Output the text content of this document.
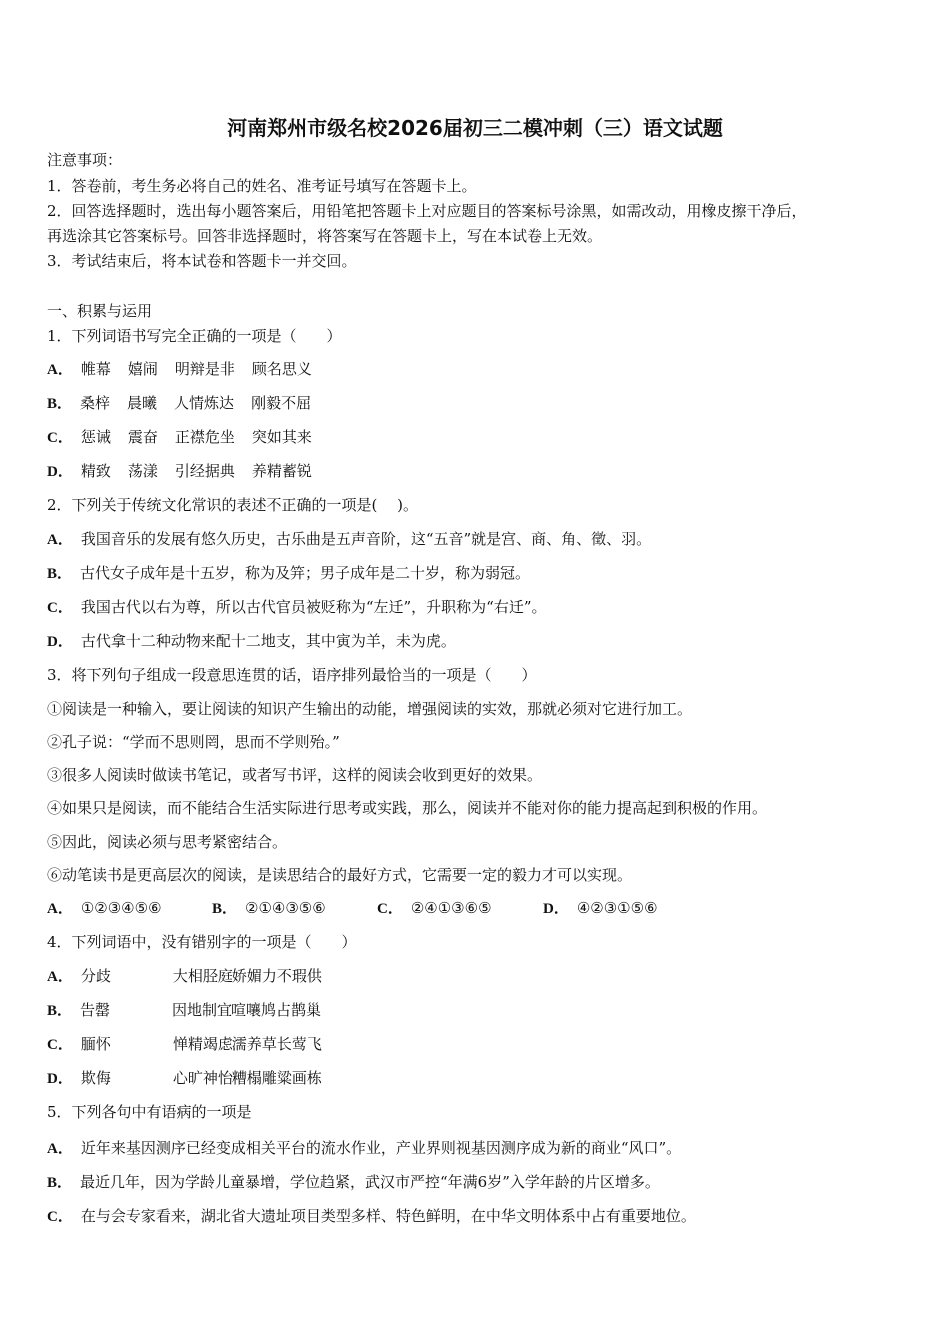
河南郑州市级名校2026届初三二模冲刺（三）语文试题
注意事项：
1．答卷前，考生务必将自己的姓名、准考证号填写在答题卡上。
2．回答选择题时，选出每小题答案后，用铅笔把答题卡上对应题目的答案标号涂黑，如需改动，用橡皮擦干净后，
再选涂其它答案标号。回答非选择题时，将答案写在答题卡上，写在本试卷上无效。
3．考试结束后，将本试卷和答题卡一并交回。
一、积累与运用
1．下列词语书写完全正确的一项是（　　）
A． 帷幕 嬉闹 明辩是非 顾名思义
B． 桑梓 晨曦 人情炼达 刚毅不屈
C． 惩诫 震奋 正襟危坐 突如其来
D． 精致 荡漾 引经据典 养精蓄锐
2．下列关于传统文化常识的表述不正确的一项是(　 )。
A． 我国音乐的发展有悠久历史，古乐曲是五声音阶，这“五音”就是宫、商、角、徵、羽。
B． 古代女子成年是十五岁，称为及笄；男子成年是二十岁，称为弱冠。
C． 我国古代以右为尊，所以古代官员被贬称为“左迁”，升职称为“右迁”。
D． 古代拿十二种动物来配十二地支，其中寅为羊，未为虎。
3．将下列句子组成一段意思连贯的话，语序排列最恰当的一项是（　　）
①阅读是一种输入，要让阅读的知识产生输出的动能，增强阅读的实效，那就必须对它进行加工。
②孔子说：“学而不思则罔，思而不学则殆。”
③很多人阅读时做读书笔记，或者写书评，这样的阅读会收到更好的效果。
④如果只是阅读，而不能结合生活实际进行思考或实践，那么，阅读并不能对你的能力提高起到积极的作用。
⑤因此，阅读必须与思考紧密结合。
⑥动笔读书是更高层次的阅读，是读思结合的最好方式，它需要一定的毅力才可以实现。
A． ①②③④⑤⑥	B． ②①④③⑤⑥	C． ②④①③⑥⑤	D． ④②③①⑤⑥
4．下列词语中，没有错别字的一项是（　　）
A． 分歧	大相胫庭娇媚力不瑕供
B． 告罄	因地制宜喧嚷鸠占鹊巢
C． 腼怀	惮精竭虑濡养草长莺飞
D． 欺侮	心旷神怡糟榻雕粱画栋
5．下列各句中有语病的一项是
A． 近年来基因测序已经变成相关平台的流水作业，产业界则视基因测序成为新的商业“风口”。
B． 最近几年，因为学龄儿童暴增，学位趋紧，武汉市严控“年满6岁”入学年龄的片区增多。
C． 在与会专家看来，湖北省大遗址项目类型多样、特色鲜明，在中华文明体系中占有重要地位。
